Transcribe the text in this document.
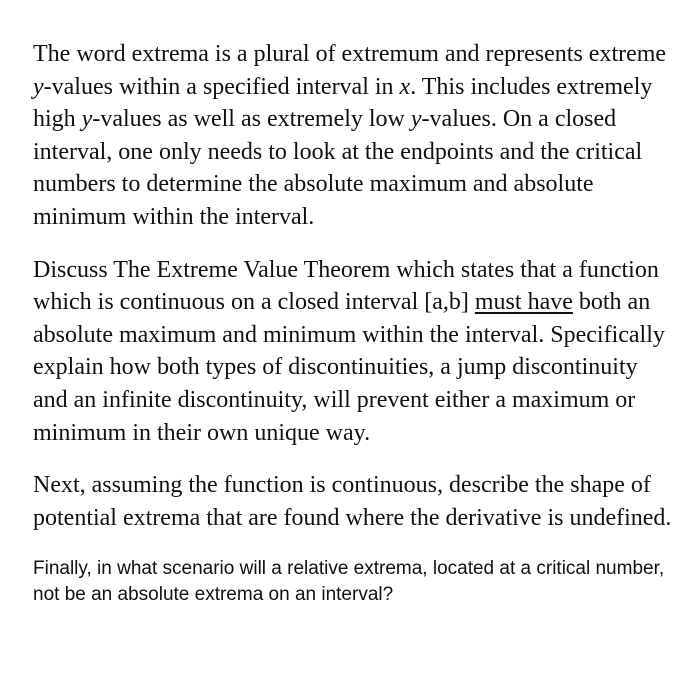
The word extrema is a plural of extremum and represents extreme y-values within a specified interval in x. This includes extremely high y-values as well as extremely low y-values. On a closed interval, one only needs to look at the endpoints and the critical numbers to determine the absolute maximum and absolute minimum within the interval.

Discuss The Extreme Value Theorem which states that a function which is continuous on a closed interval [a,b] must have both an absolute maximum and minimum within the interval. Specifically explain how both types of discontinuities, a jump discontinuity and an infinite discontinuity, will prevent either a maximum or minimum in their own unique way.

Next, assuming the function is continuous, describe the shape of potential extrema that are found where the derivative is undefined.

Finally, in what scenario will a relative extrema, located at a critical number, not be an absolute extrema on an interval?
